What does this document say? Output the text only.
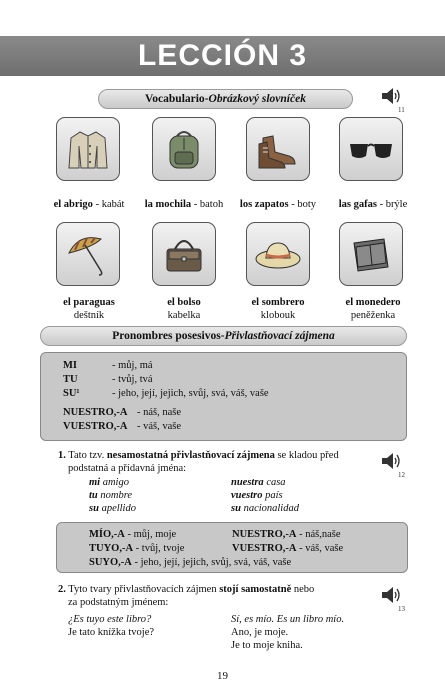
LECCIÓN 3
Vocabulario - Obrázkový slovníček
11
el abrigo - kabát	la mochila - batoh	los zapatos - boty	las gafas - brýle
el paraguas
deštník
el bolso
kabelka
el sombrero
klobouk
el monedero
peněženka
Pronombres posesivos - Přivlastňovací zájmena
MI	- můj, má
TU	- tvůj, tvá
SU¹	- jeho, její, jejich, svůj, svá, váš, vaše
NUESTRO,-A - náš, naše
VUESTRO,-A - váš, vaše
1. Tato tzv. nesamostatná přivlastňovací zájmena se kladou před
podstatná a přídavná jména:
12
mi amigo	nuestra casa
tu nombre	vuestro país
su apellido	su nacionalidad
MÍO,-A - můj, moje	NUESTRO,-A - náš,naše
TUYO,-A - tvůj, tvoje	VUESTRO,-A - váš, vaše
SUYO,-A - jeho, její, jejich, svůj, svá, váš, vaše
2. Tyto tvary přivlastňovacích zájmen stojí samostatně nebo
za podstatným jménem:
13
¿Es tuyo este libro?
Je tato knížka tvoje?
Sí, es mío. Es un libro mío.
Ano, je moje.
Je to moje kniha.
19
